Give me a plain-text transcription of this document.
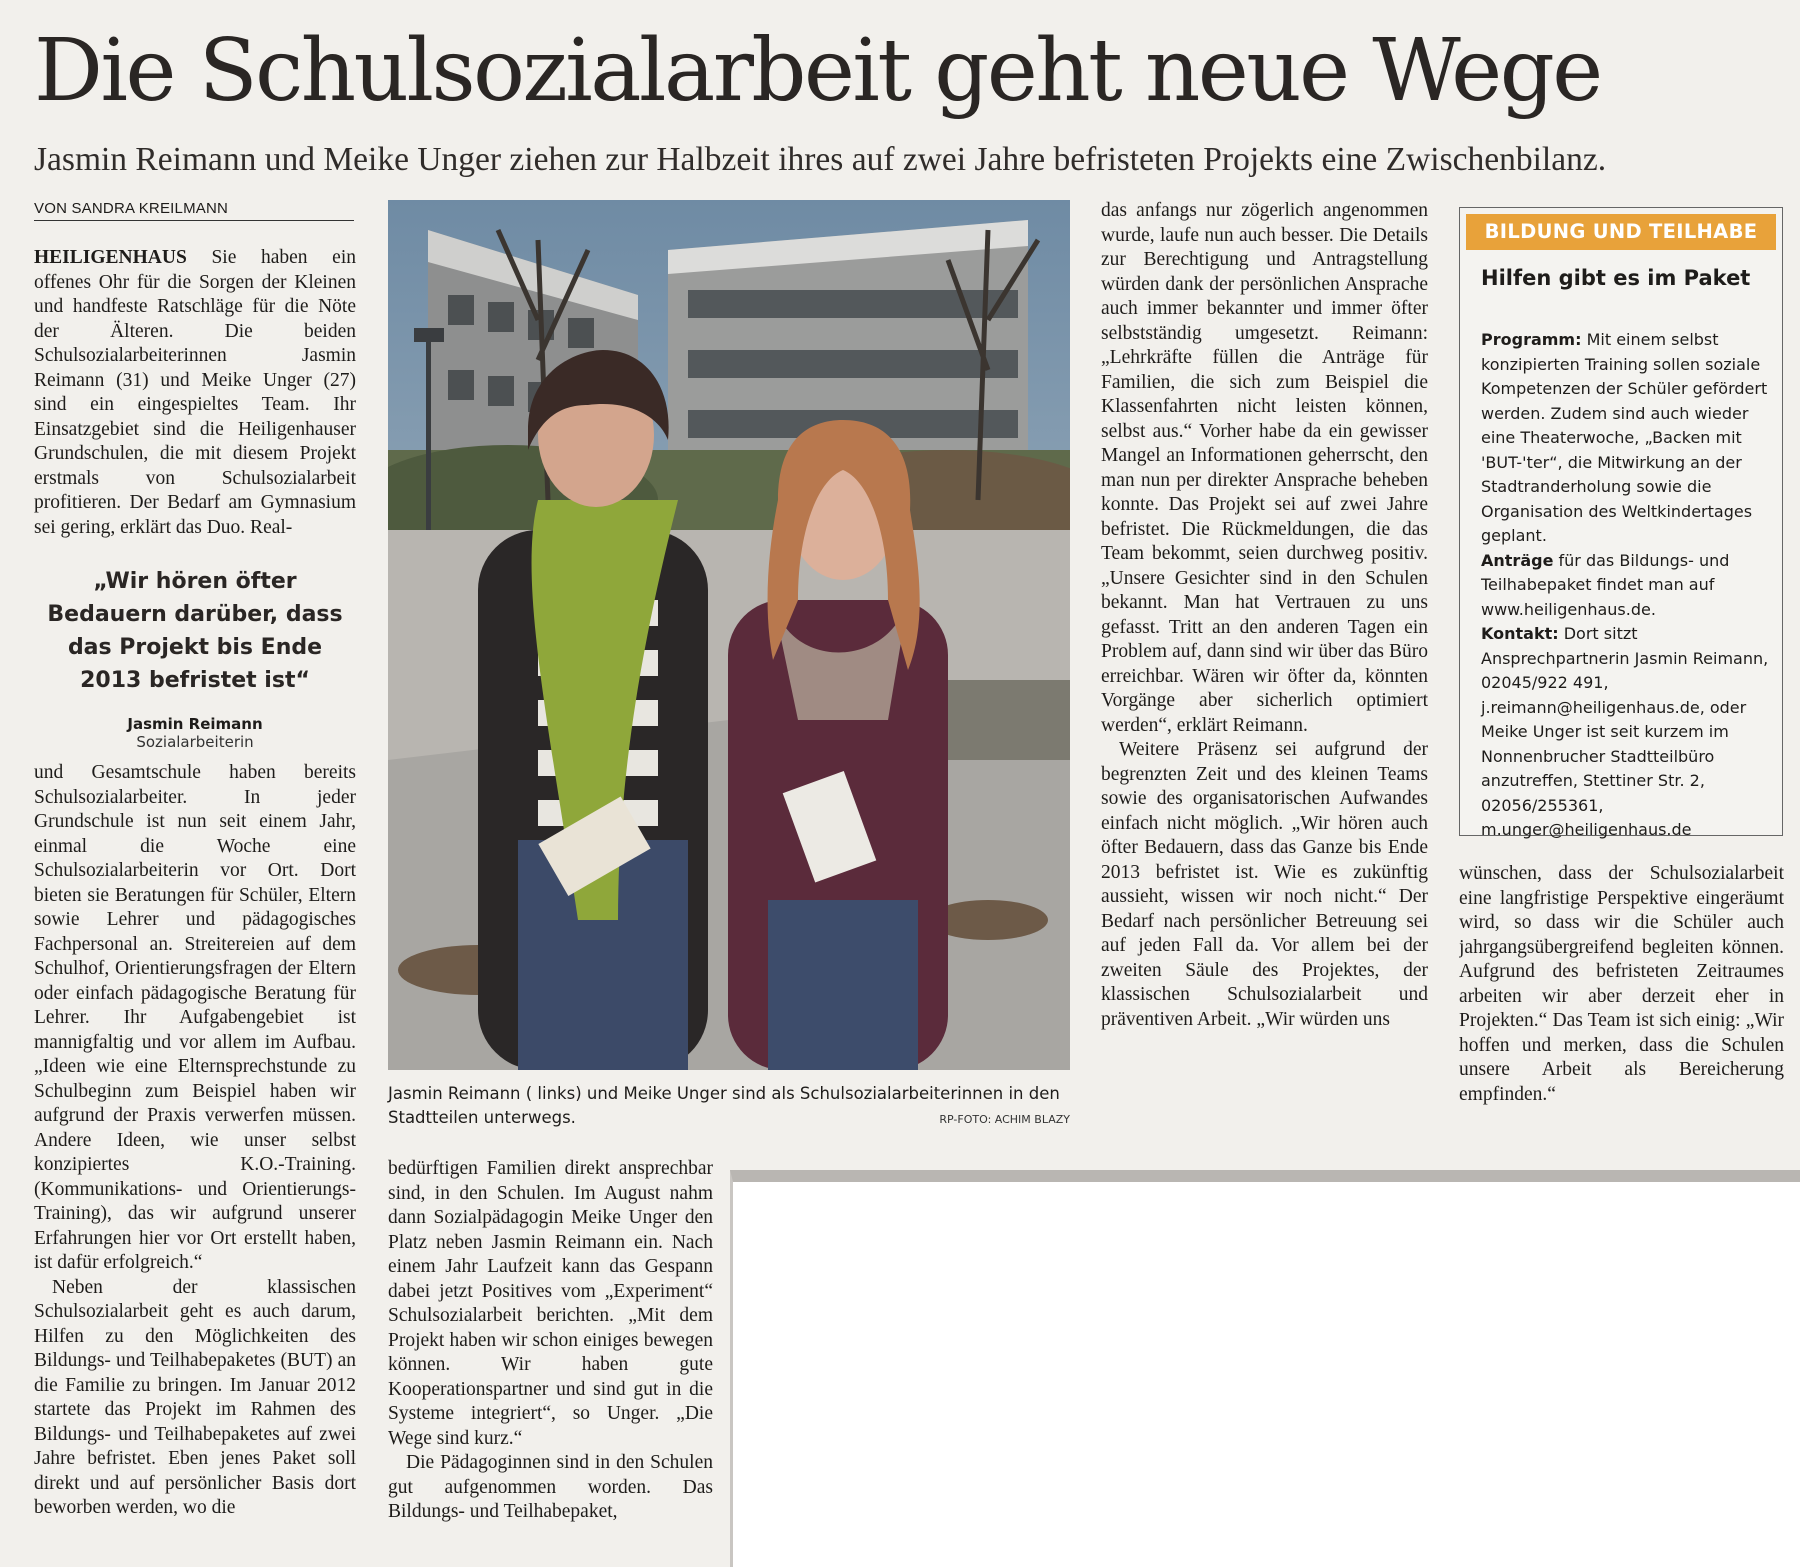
Die Schulsozialarbeit geht neue Wege
Jasmin Reimann und Meike Unger ziehen zur Halbzeit ihres auf zwei Jahre befristeten Projekts eine Zwischenbilanz.
VON SANDRA KREILMANN

HEILIGENHAUS Sie haben ein offenes Ohr für die Sorgen der Kleinen und handfeste Ratschläge für die Nöte der Älteren. Die beiden Schulsozialarbeiterinnen Jasmin Reimann (31) und Meike Unger (27) sind ein eingespieltes Team. Ihr Einsatzgebiet sind die Heiligenhauser Grundschulen, die mit diesem Projekt erstmals von Schulsozialarbeit profitieren. Der Bedarf am Gymnasium sei gering, erklärt das Duo. Real-

„Wir hören öfter Bedauern darüber, dass das Projekt bis Ende 2013 befristet ist“
Jasmin Reimann
Sozialarbeiterin

und Gesamtschule haben bereits Schulsozialarbeiter. In jeder Grundschule ist nun seit einem Jahr, einmal die Woche eine Schulsozialarbeiterin vor Ort. Dort bieten sie Beratungen für Schüler, Eltern sowie Lehrer und pädagogisches Fachpersonal an. Streitereien auf dem Schulhof, Orientierungsfragen der Eltern oder einfach pädagogische Beratung für Lehrer. Ihr Aufgabengebiet ist mannigfaltig und vor allem im Aufbau. „Ideen wie eine Elternsprechstunde zu Schulbeginn zum Beispiel haben wir aufgrund der Praxis verwerfen müssen. Andere Ideen, wie unser selbst konzipiertes K.O.-Training. (Kommunikations- und Orientierungs-Training), das wir aufgrund unserer Erfahrungen hier vor Ort erstellt haben, ist dafür erfolgreich.“

Neben der klassischen Schulsozialarbeit geht es auch darum, Hilfen zu den Möglichkeiten des Bildungs- und Teilhabepaketes (BUT) an die Familie zu bringen. Im Januar 2012 startete das Projekt im Rahmen des Bildungs- und Teilhabepaketes auf zwei Jahre befristet. Eben jenes Paket soll direkt und auf persönlicher Basis dort beworben werden, wo die

Jasmin Reimann ( links) und Meike Unger sind als Schulsozialarbeiterinnen in den Stadtteilen unterwegs.	RP-FOTO: ACHIM BLAZY

bedürftigen Familien direkt ansprechbar sind, in den Schulen. Im August nahm dann Sozialpädagogin Meike Unger den Platz neben Jasmin Reimann ein. Nach einem Jahr Laufzeit kann das Gespann dabei jetzt Positives vom „Experiment“ Schulsozialarbeit berichten. „Mit dem Projekt haben wir schon einiges bewegen können. Wir haben gute Kooperationspartner und sind gut in die Systeme integriert“, so Unger. „Die Wege sind kurz.“

Die Pädagoginnen sind in den Schulen gut aufgenommen worden. Das Bildungs- und Teilhabepaket,

das anfangs nur zögerlich angenommen wurde, laufe nun auch besser. Die Details zur Berechtigung und Antragstellung würden dank der persönlichen Ansprache auch immer bekannter und immer öfter selbstständig umgesetzt. Reimann: „Lehrkräfte füllen die Anträge für Familien, die sich zum Beispiel die Klassenfahrten nicht leisten können, selbst aus.“ Vorher habe da ein gewisser Mangel an Informationen geherrscht, den man nun per direkter Ansprache beheben konnte. Das Projekt sei auf zwei Jahre befristet. Die Rückmeldungen, die das Team bekommt, seien durchweg positiv. „Unsere Gesichter sind in den Schulen bekannt. Man hat Vertrauen zu uns gefasst. Tritt an den anderen Tagen ein Problem auf, dann sind wir über das Büro erreichbar. Wären wir öfter da, könnten Vorgänge aber sicherlich optimiert werden“, erklärt Reimann.

Weitere Präsenz sei aufgrund der begrenzten Zeit und des kleinen Teams sowie des organisatorischen Aufwandes einfach nicht möglich. „Wir hören auch öfter Bedauern, dass das Ganze bis Ende 2013 befristet ist. Wie es zukünftig aussieht, wissen wir noch nicht.“ Der Bedarf nach persönlicher Betreuung sei auf jeden Fall da. Vor allem bei der zweiten Säule des Projektes, der klassischen Schulsozialarbeit und präventiven Arbeit. „Wir würden uns

BILDUNG UND TEILHABE
Hilfen gibt es im Paket

Programm: Mit einem selbst konzipierten Training sollen soziale Kompetenzen der Schüler gefördert werden. Zudem sind auch wieder eine Theaterwoche, „Backen mit 'BUT-'ter“, die Mitwirkung an der Stadtranderholung sowie die Organisation des Weltkindertages geplant.

Anträge für das Bildungs- und Teilhabepaket findet man auf www.heiligenhaus.de.

Kontakt: Dort sitzt Ansprechpartnerin Jasmin Reimann, 02045/922 491, j.reimann@heiligenhaus.de, oder Meike Unger ist seit kurzem im Nonnenbrucher Stadtteilbüro anzutreffen, Stettiner Str. 2, 02056/255361, m.unger@heiligenhaus.de

wünschen, dass der Schulsozialarbeit eine langfristige Perspektive eingeräumt wird, so dass wir die Schüler auch jahrgangsübergreifend begleiten können. Aufgrund des befristeten Zeitraumes arbeiten wir aber derzeit eher in Projekten.“ Das Team ist sich einig: „Wir hoffen und merken, dass die Schulen unsere Arbeit als Bereicherung empfinden.“
